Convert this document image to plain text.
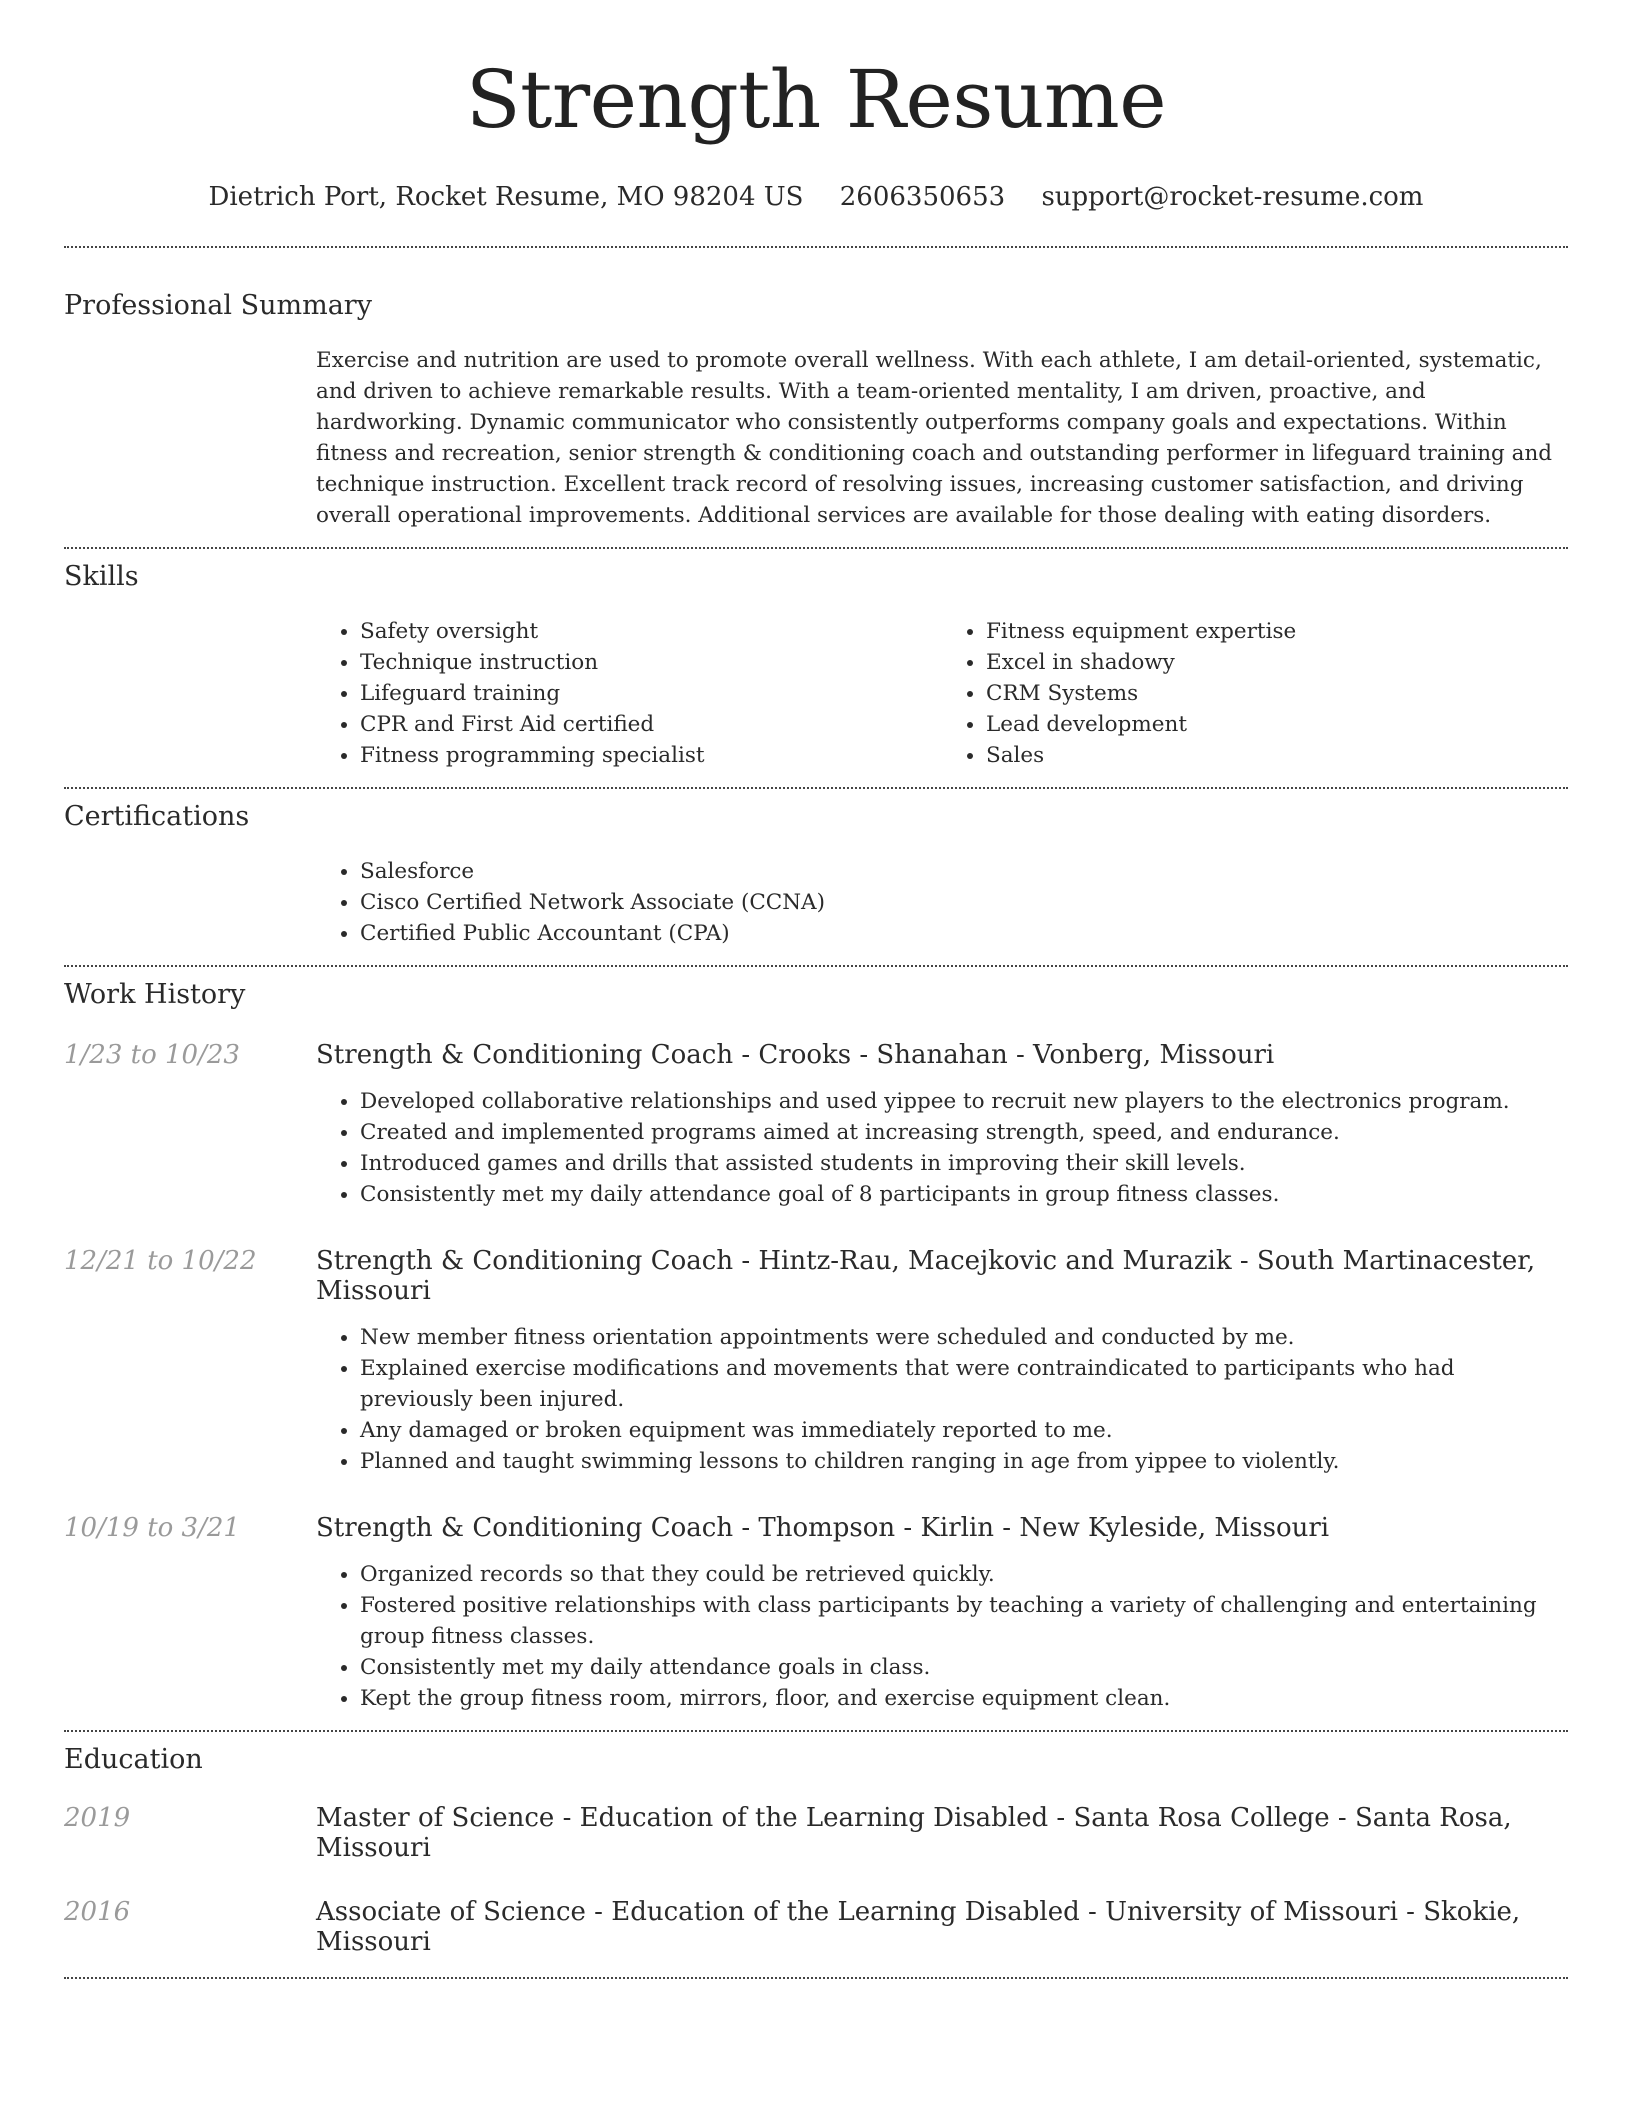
Strength Resume
Dietrich Port, Rocket Resume, MO 98204 US 2606350653 support@rocket-resume.com
Professional Summary
Exercise and nutrition are used to promote overall wellness. With each athlete, I am detail-oriented, systematic, and driven to achieve remarkable results. With a team-oriented mentality, I am driven, proactive, and hardworking. Dynamic communicator who consistently outperforms company goals and expectations. Within fitness and recreation, senior strength & conditioning coach and outstanding performer in lifeguard training and technique instruction. Excellent track record of resolving issues, increasing customer satisfaction, and driving overall operational improvements. Additional services are available for those dealing with eating disorders.
Skills
• Safety oversight
• Technique instruction
• Lifeguard training
• CPR and First Aid certified
• Fitness programming specialist
• Fitness equipment expertise
• Excel in shadowy
• CRM Systems
• Lead development
• Sales
Certifications
• Salesforce
• Cisco Certified Network Associate (CCNA)
• Certified Public Accountant (CPA)
Work History
1/23 to 10/23	Strength & Conditioning Coach - Crooks - Shanahan - Vonberg, Missouri
• Developed collaborative relationships and used yippee to recruit new players to the electronics program.
• Created and implemented programs aimed at increasing strength, speed, and endurance.
• Introduced games and drills that assisted students in improving their skill levels.
• Consistently met my daily attendance goal of 8 participants in group fitness classes.
12/21 to 10/22	Strength & Conditioning Coach - Hintz-Rau, Macejkovic and Murazik - South Martinacester, Missouri
• New member fitness orientation appointments were scheduled and conducted by me.
• Explained exercise modifications and movements that were contraindicated to participants who had previously been injured.
• Any damaged or broken equipment was immediately reported to me.
• Planned and taught swimming lessons to children ranging in age from yippee to violently.
10/19 to 3/21	Strength & Conditioning Coach - Thompson - Kirlin - New Kyleside, Missouri
• Organized records so that they could be retrieved quickly.
• Fostered positive relationships with class participants by teaching a variety of challenging and entertaining group fitness classes.
• Consistently met my daily attendance goals in class.
• Kept the group fitness room, mirrors, floor, and exercise equipment clean.
Education
2019	Master of Science - Education of the Learning Disabled - Santa Rosa College - Santa Rosa, Missouri
2016	Associate of Science - Education of the Learning Disabled - University of Missouri - Skokie, Missouri
